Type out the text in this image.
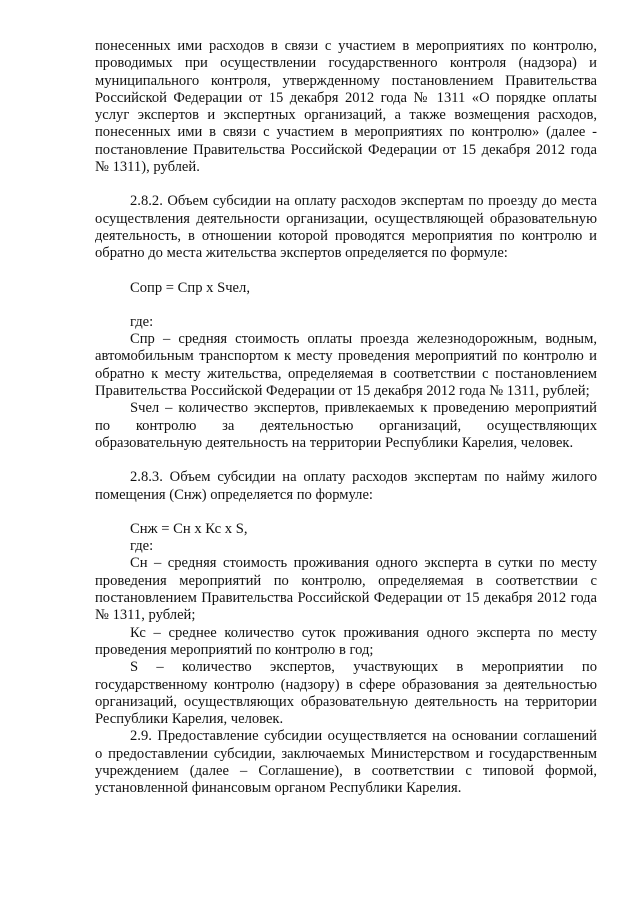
понесенных ими расходов в связи с участием в мероприятиях по контролю, проводимых при осуществлении государственного контроля (надзора) и муниципального контроля, утвержденному постановлением Правительства Российской Федерации от 15 декабря 2012 года № 1311 «О порядке оплаты услуг экспертов и экспертных организаций, а также возмещения расходов, понесенных ими в связи с участием в мероприятиях по контролю» (далее - постановление Правительства Российской Федерации от 15 декабря 2012 года № 1311), рублей.

2.8.2. Объем субсидии на оплату расходов экспертам по проезду до места осуществления деятельности организации, осуществляющей образовательную деятельность, в отношении которой проводятся мероприятия по контролю и обратно до места жительства экспертов определяется по формуле:

Сопр = Спр х Sчел,

где:

Спр – средняя стоимость оплаты проезда железнодорожным, водным, автомобильным транспортом к месту проведения мероприятий по контролю и обратно к месту жительства, определяемая в соответствии с постановлением Правительства Российской Федерации от 15 декабря 2012 года № 1311, рублей;

Sчел – количество экспертов, привлекаемых к проведению мероприятий по контролю за деятельностью организаций, осуществляющих образовательную деятельность на территории Республики Карелия, человек.

2.8.3. Объем субсидии на оплату расходов экспертам по найму жилого помещения (Снж) определяется по формуле:

Снж = Сн х Кс х S,

где:

Сн – средняя стоимость проживания одного эксперта в сутки по месту проведения мероприятий по контролю, определяемая в соответствии с постановлением Правительства Российской Федерации от 15 декабря 2012 года № 1311, рублей;

Кс – среднее количество суток проживания одного эксперта по месту проведения мероприятий по контролю в год;

S – количество экспертов, участвующих в мероприятии по государственному контролю (надзору) в сфере образования за деятельностью организаций, осуществляющих образовательную деятельность на территории Республики Карелия, человек.

2.9. Предоставление субсидии осуществляется на основании соглашений о предоставлении субсидии, заключаемых Министерством и государственным учреждением (далее – Соглашение), в соответствии с типовой формой, установленной финансовым органом Республики Карелия.
